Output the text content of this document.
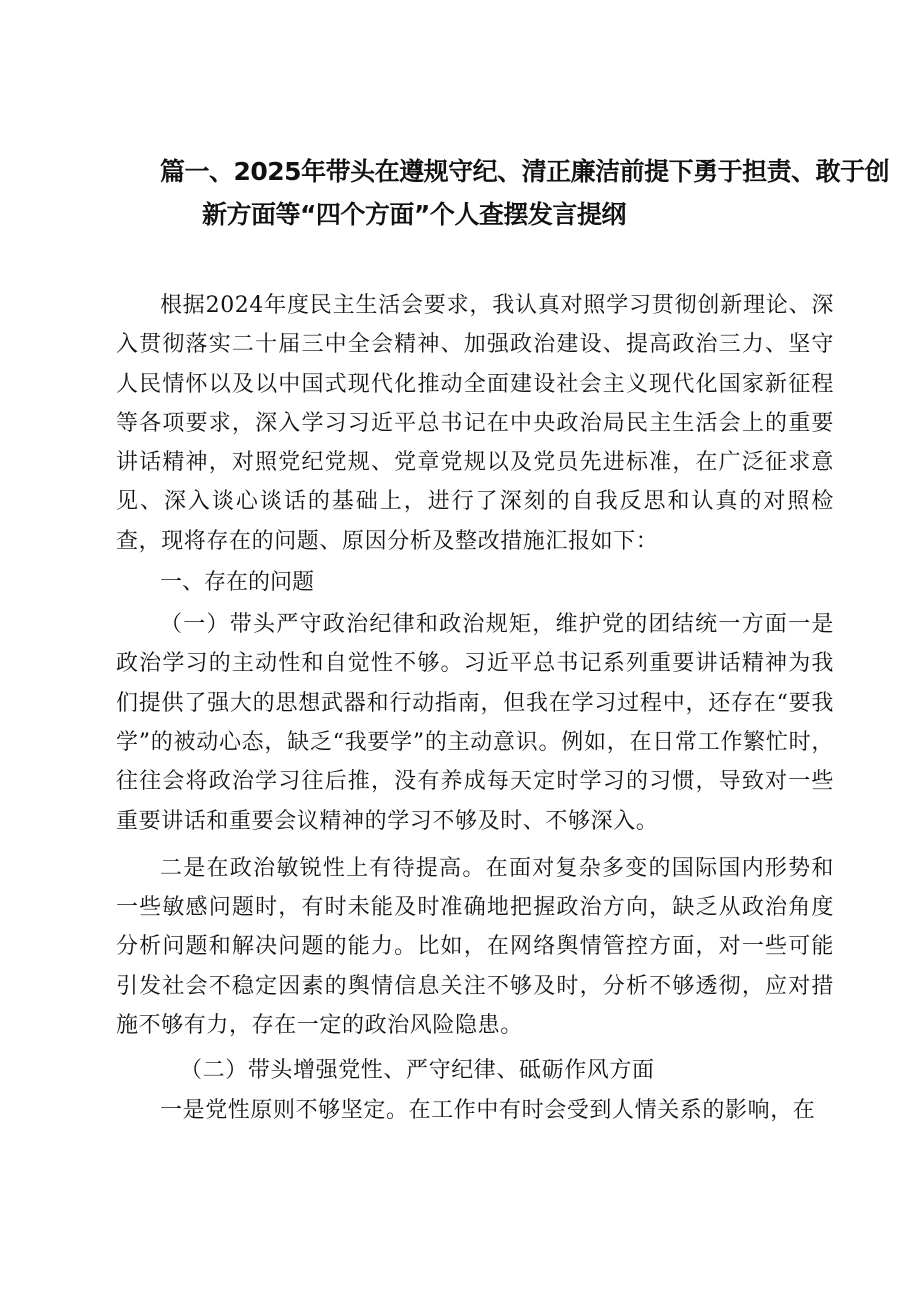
篇一、2025年带头在遵规守纪、清正廉洁前提下勇于担责、敢于创
新方面等“四个方面”个人查摆发言提纲

根据2024年度民主生活会要求，我认真对照学习贯彻创新理论、深入贯彻落实二十届三中全会精神、加强政治建设、提高政治三力、坚守人民情怀以及以中国式现代化推动全面建设社会主义现代化国家新征程等各项要求，深入学习习近平总书记在中央政治局民主生活会上的重要讲话精神，对照党纪党规、党章党规以及党员先进标准，在广泛征求意见、深入谈心谈话的基础上，进行了深刻的自我反思和认真的对照检查，现将存在的问题、原因分析及整改措施汇报如下：

一、存在的问题

（一）带头严守政治纪律和政治规矩，维护党的团结统一方面一是政治学习的主动性和自觉性不够。习近平总书记系列重要讲话精神为我们提供了强大的思想武器和行动指南，但我在学习过程中，还存在“要我学”的被动心态，缺乏“我要学”的主动意识。例如，在日常工作繁忙时，往往会将政治学习往后推，没有养成每天定时学习的习惯，导致对一些重要讲话和重要会议精神的学习不够及时、不够深入。

二是在政治敏锐性上有待提高。在面对复杂多变的国际国内形势和一些敏感问题时，有时未能及时准确地把握政治方向，缺乏从政治角度分析问题和解决问题的能力。比如，在网络舆情管控方面，对一些可能引发社会不稳定因素的舆情信息关注不够及时，分析不够透彻，应对措施不够有力，存在一定的政治风险隐患。

（二）带头增强党性、严守纪律、砥砺作风方面

一是党性原则不够坚定。在工作中有时会受到人情关系的影响，在
